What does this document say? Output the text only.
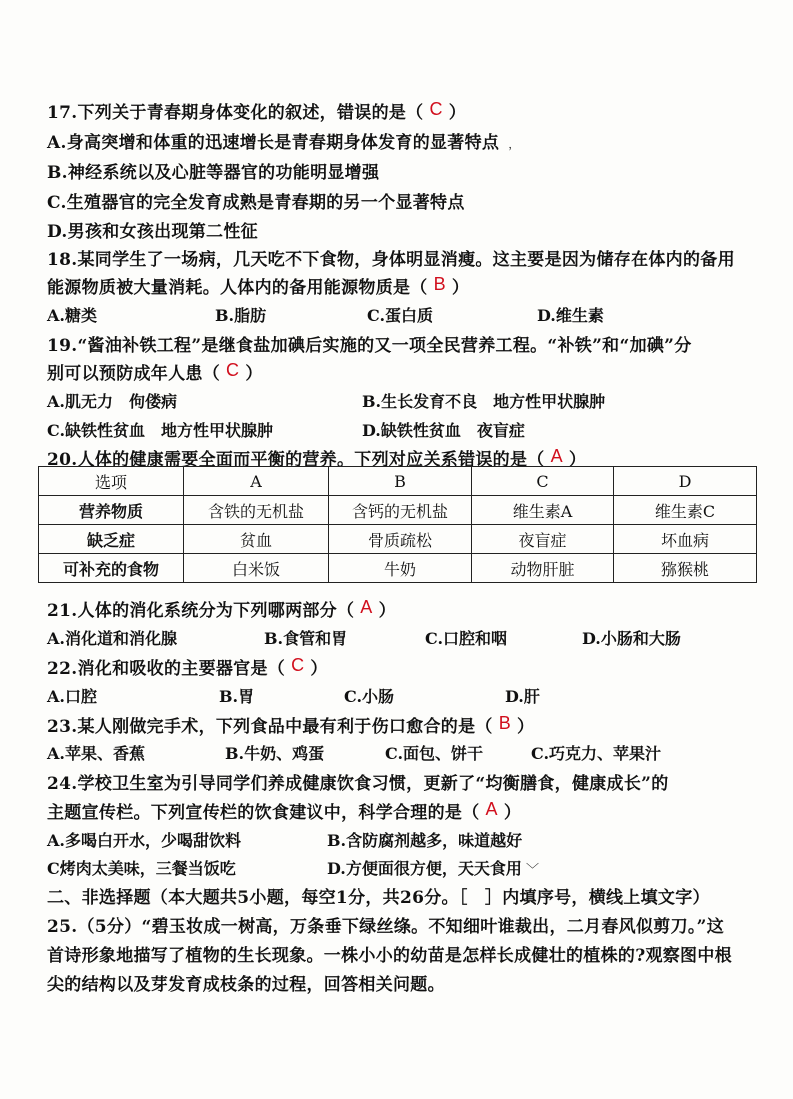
17.下列关于青春期身体变化的叙述，错误的是（ C ）
A.身高突增和体重的迅速增长是青春期身体发育的显著特点 ﹐
B.神经系统以及心脏等器官的功能明显增强
C.生殖器官的完全发育成熟是青春期的另一个显著特点
D.男孩和女孩出现第二性征
18.某同学生了一场病，几天吃不下食物，身体明显消瘦。这主要是因为储存在体内的备用
能源物质被大量消耗。人体内的备用能源物质是（ B ）
A.糖类	B.脂肪	C.蛋白质	D.维生素
19.“酱油补铁工程”是继食盐加碘后实施的又一项全民营养工程。“补铁”和“加碘”分
别可以预防成年人患（ C ）
A.肌无力　佝偻病	B.生长发育不良　地方性甲状腺肿
C.缺铁性贫血　地方性甲状腺肿	D.缺铁性贫血　夜盲症
20.人体的健康需要全面而平衡的营养。下列对应关系错误的是（ A ）
选项	A	B	C	D
营养物质	含铁的无机盐	含钙的无机盐	维生素A	维生素C
缺乏症	贫血	骨质疏松	夜盲症	坏血病
可补充的食物	白米饭	牛奶	动物肝脏	猕猴桃
21.人体的消化系统分为下列哪两部分（ A ）
A.消化道和消化腺	B.食管和胃	C.口腔和咽	D.小肠和大肠
22.消化和吸收的主要器官是（ C ）
A.口腔	B.胃	C.小肠	D.肝
23.某人刚做完手术，下列食品中最有利于伤口愈合的是（ B ）
A.苹果、香蕉	B.牛奶、鸡蛋	C.面包、饼干	C.巧克力、苹果汁
24.学校卫生室为引导同学们养成健康饮食习惯，更新了“均衡膳食，健康成长”的
主题宣传栏。下列宣传栏的饮食建议中，科学合理的是（ A ）
A.多喝白开水，少喝甜饮料	B.含防腐剂越多，味道越好
C烤肉太美味，三餐当饭吃	D.方便面很方便，天天食用 ﹀
二、非选择题（本大题共5小题，每空1分，共26分。［　］内填序号，横线上填文字）
25.（5分）“碧玉妆成一树高，万条垂下绿丝绦。不知细叶谁裁出，二月春风似剪刀。”这
首诗形象地描写了植物的生长现象。一株小小的幼苗是怎样长成健壮的植株的?观察图中根
尖的结构以及芽发育成枝条的过程，回答相关问题。
